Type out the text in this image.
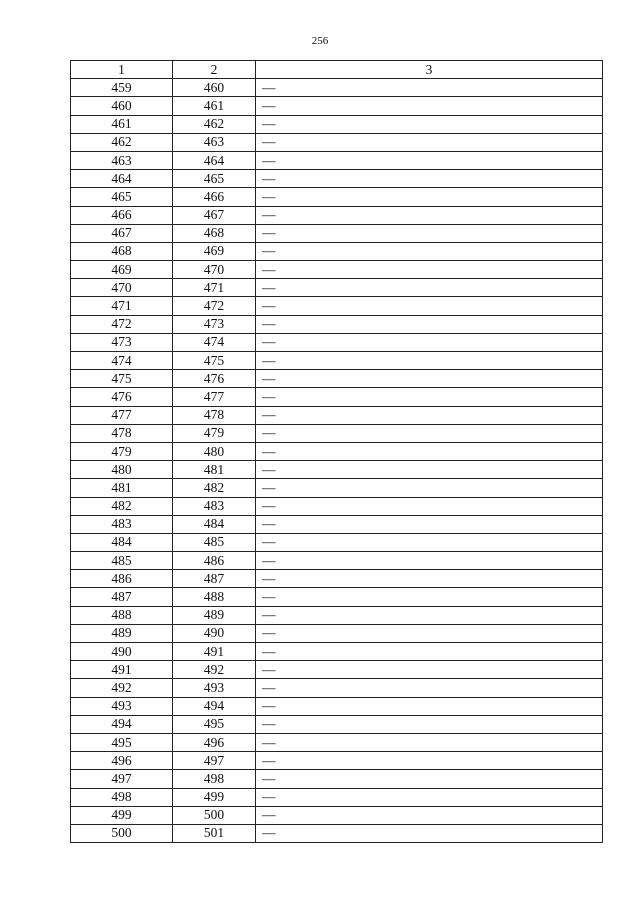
256
1	2	3
459	460	—
460	461	—
461	462	—
462	463	—
463	464	—
464	465	—
465	466	—
466	467	—
467	468	—
468	469	—
469	470	—
470	471	—
471	472	—
472	473	—
473	474	—
474	475	—
475	476	—
476	477	—
477	478	—
478	479	—
479	480	—
480	481	—
481	482	—
482	483	—
483	484	—
484	485	—
485	486	—
486	487	—
487	488	—
488	489	—
489	490	—
490	491	—
491	492	—
492	493	—
493	494	—
494	495	—
495	496	—
496	497	—
497	498	—
498	499	—
499	500	—
500	501	—
